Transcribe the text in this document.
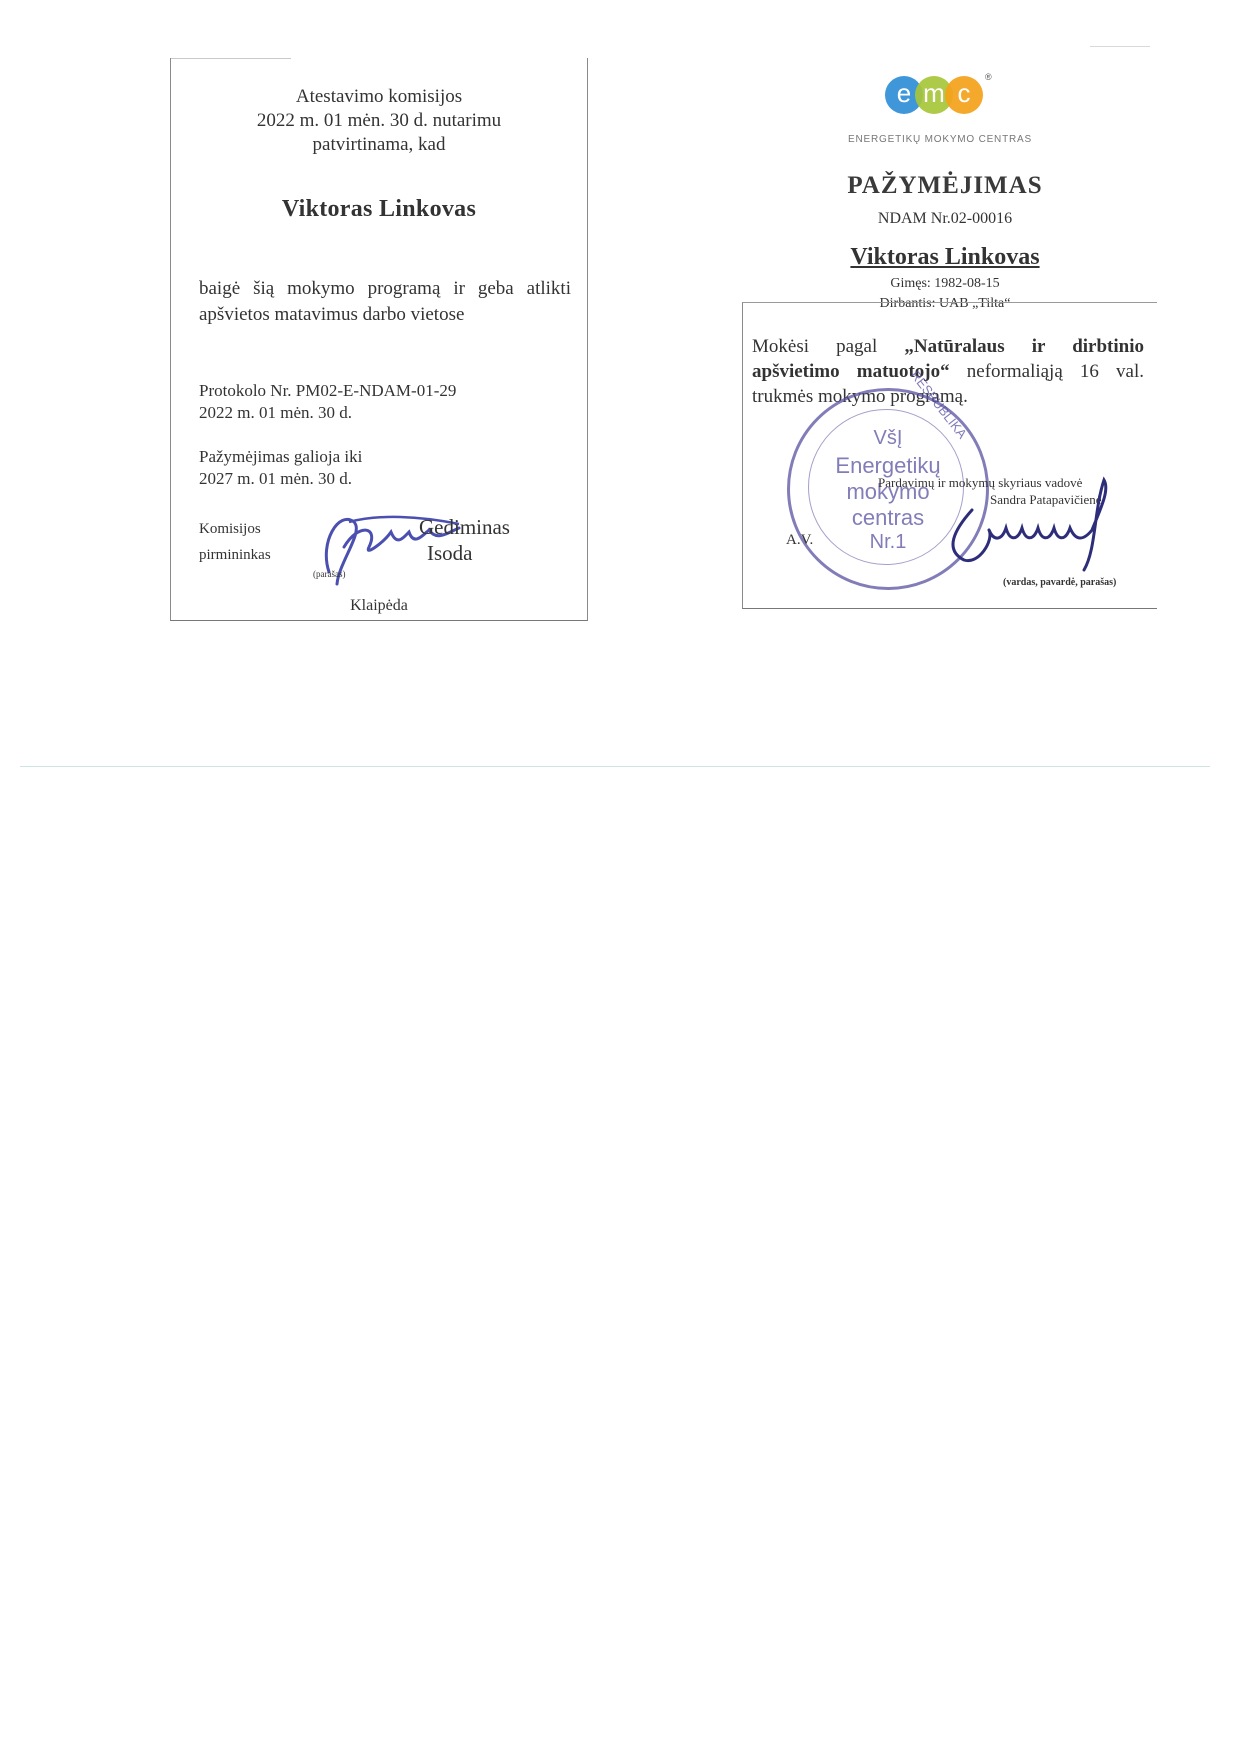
Atestavimo komisijos
2022 m. 01 mėn. 30 d. nutarimu
patvirtinama, kad
Viktoras Linkovas
baigė šią mokymo programą ir geba atlikti
apšvietos matavimus darbo vietose
Protokolo Nr. PM02-E-NDAM-01-29
2022 m. 01 mėn. 30 d.
Pažymėjimas galioja iki
2027 m. 01 mėn. 30 d.
Komisijos
pirmininkas
Gediminas
Isoda
(parašas)
Klaipėda
e m c
®
ENERGETIKŲ MOKYMO CENTRAS
PAŽYMĖJIMAS
NDAM Nr.02-00016
Viktoras Linkovas
Gimęs: 1982-08-15
Dirbantis: UAB „Tilta“
Mokėsi pagal „Natūralaus ir dirbtinio apšvietimo matuotojo“ neformaliąją 16 val. trukmės mokymo programą.
RESPUBLIKA
VšĮ
Energetikų
mokymo
centras
Nr.1
Pardavimų ir mokymų skyriaus vadovė
Sandra Patapavičienė
A.V.
(vardas, pavardė, parašas)
